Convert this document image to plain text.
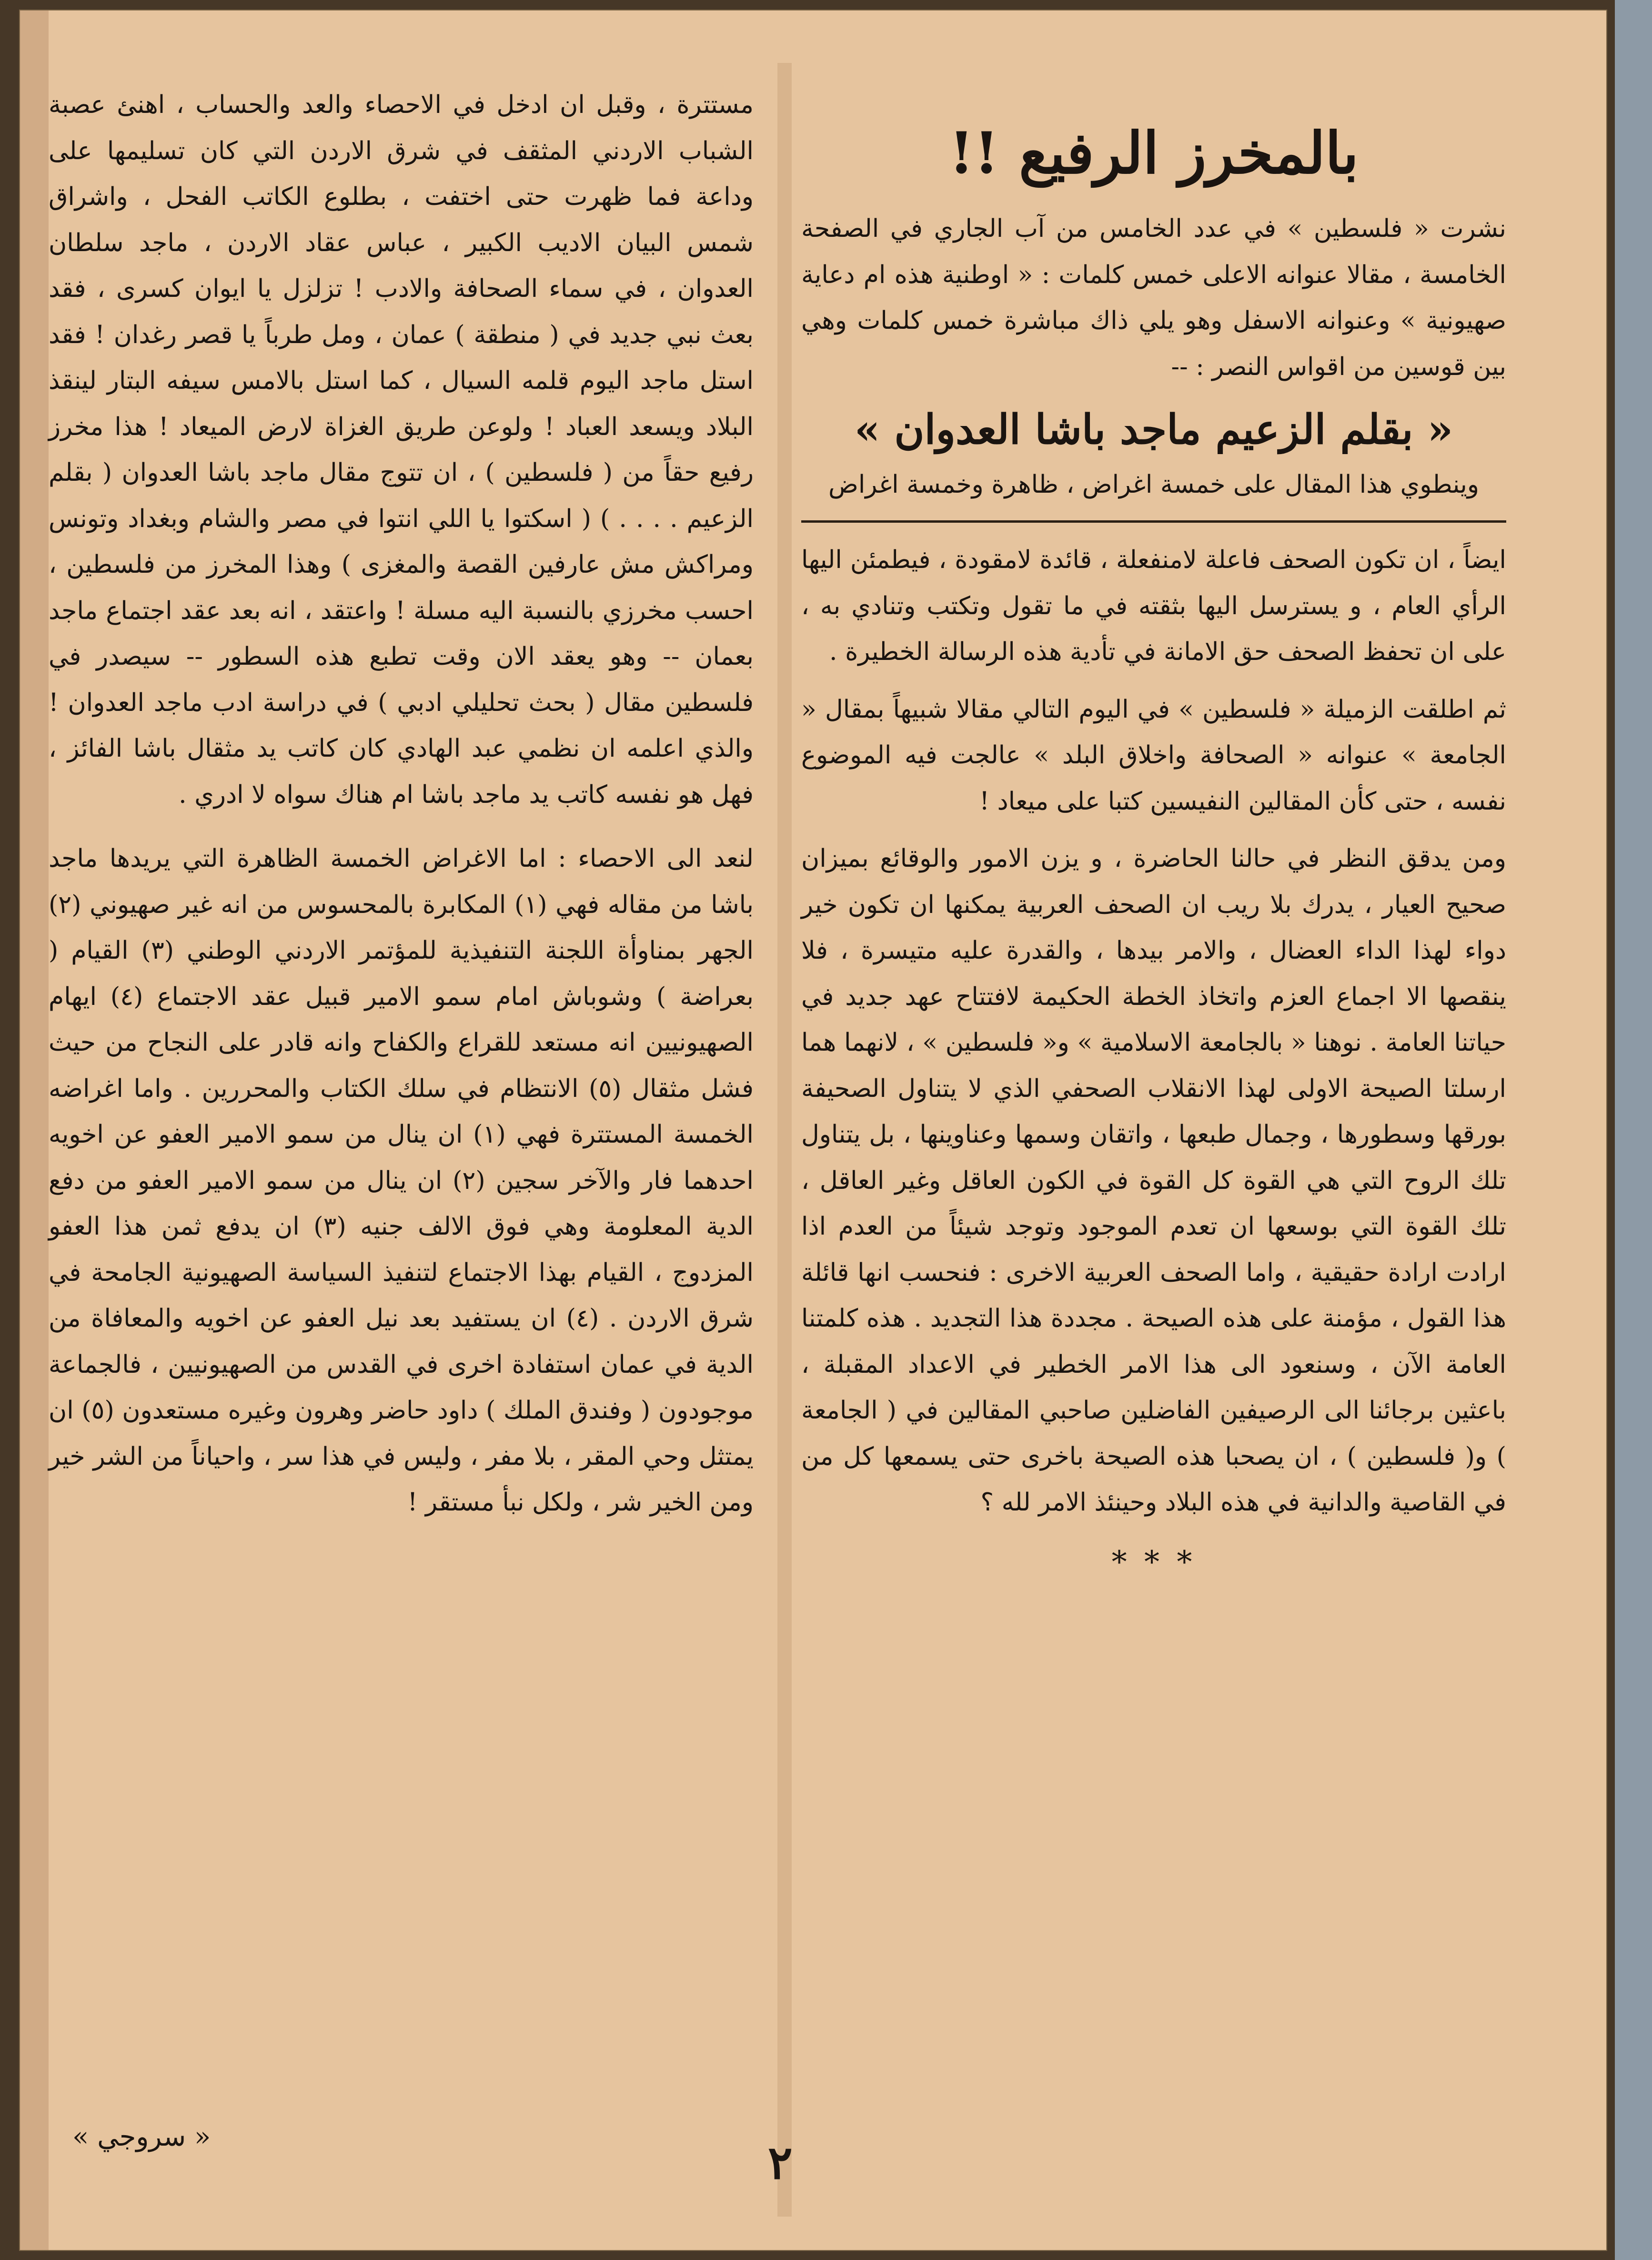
بالمخرز الرفيع !!

نشرت « فلسطين » في عدد الخامس من آب الجاري في الصفحة الخامسة ، مقالا عنوانه الاعلى خمس كلمات : « اوطنية هذه ام دعاية صهيونية » وعنوانه الاسفل وهو يلي ذاك مباشرة خمس كلمات وهي بين قوسين من اقواس النصر : --

« بقلم الزعيم ماجد باشا العدوان »
وينطوي هذا المقال على خمسة اغراض ، ظاهرة وخمسة اغراض

ايضاً ، ان تكون الصحف فاعلة لامنفعلة ، قائدة لامقودة ، فيطمئن اليها الرأي العام ، و يسترسل اليها بثقته في ما تقول وتكتب وتنادي به ، على ان تحفظ الصحف حق الامانة في تأدية هذه الرسالة الخطيرة .

ثم اطلقت الزميلة « فلسطين » في اليوم التالي مقالا شبيهاً بمقال « الجامعة » عنوانه « الصحافة واخلاق البلد » عالجت فيه الموضوع نفسه ، حتى كأن المقالين النفيسين كتبا على ميعاد !

ومن يدقق النظر في حالنا الحاضرة ، و يزن الامور والوقائع بميزان صحيح العيار ، يدرك بلا ريب ان الصحف العربية يمكنها ان تكون خير دواء لهذا الداء العضال ، والامر بيدها ، والقدرة عليه متيسرة ، فلا ينقصها الا اجماع العزم واتخاذ الخطة الحكيمة لافتتاح عهد جديد في حياتنا العامة . نوهنا « بالجامعة الاسلامية » و« فلسطين » ، لانهما هما ارسلتا الصيحة الاولى لهذا الانقلاب الصحفي الذي لا يتناول الصحيفة بورقها وسطورها ، وجمال طبعها ، واتقان وسمها وعناوينها ، بل يتناول تلك الروح التي هي القوة كل القوة في الكون العاقل وغير العاقل ، تلك القوة التي بوسعها ان تعدم الموجود وتوجد شيئاً من العدم اذا ارادت ارادة حقيقية ، واما الصحف العربية الاخرى : فنحسب انها قائلة هذا القول ، مؤمنة على هذه الصيحة . مجددة هذا التجديد . هذه كلمتنا العامة الآن ، وسنعود الى هذا الامر الخطير في الاعداد المقبلة ، باعثين برجائنا الى الرصيفين الفاضلين صاحبي المقالين في ( الجامعة ) و( فلسطين ) ، ان يصحبا هذه الصيحة باخرى حتى يسمعها كل من في القاصية والدانية في هذه البلاد وحينئذ الامر لله ؟

* * *

مستترة ، وقبل ان ادخل في الاحصاء والعد والحساب ، اهنئ عصبة الشباب الاردني المثقف في شرق الاردن التي كان تسليمها على وداعة فما ظهرت حتى اختفت ، بطلوع الكاتب الفحل ، واشراق شمس البيان الاديب الكبير ، عباس عقاد الاردن ، ماجد سلطان العدوان ، في سماء الصحافة والادب ! تزلزل يا ايوان كسرى ، فقد بعث نبي جديد في ( منطقة ) عمان ، ومل طرباً يا قصر رغدان ! فقد استل ماجد اليوم قلمه السيال ، كما استل بالامس سيفه البتار لينقذ البلاد ويسعد العباد ! ولوعن طريق الغزاة لارض الميعاد ! هذا مخرز رفيع حقاً من ( فلسطين ) ، ان تتوج مقال ماجد باشا العدوان ( بقلم الزعيم . . . . ) ( اسكتوا يا اللي انتوا في مصر والشام وبغداد وتونس ومراكش مش عارفين القصة والمغزى ) وهذا المخرز من فلسطين ، احسب مخرزي بالنسبة اليه مسلة ! واعتقد ، انه بعد عقد اجتماع ماجد بعمان -- وهو يعقد الان وقت تطبع هذه السطور -- سيصدر في فلسطين مقال ( بحث تحليلي ادبي ) في دراسة ادب ماجد العدوان ! والذي اعلمه ان نظمي عبد الهادي كان كاتب يد مثقال باشا الفائز ، فهل هو نفسه كاتب يد ماجد باشا ام هناك سواه لا ادري .

لنعد الى الاحصاء : اما الاغراض الخمسة الظاهرة التي يريدها ماجد باشا من مقاله فهي (١) المكابرة بالمحسوس من انه غير صهيوني (٢) الجهر بمناوأة اللجنة التنفيذية للمؤتمر الاردني الوطني (٣) القيام ( بعراضة ) وشوباش امام سمو الامير قبيل عقد الاجتماع (٤) ايهام الصهيونيين انه مستعد للقراع والكفاح وانه قادر على النجاح من حيث فشل مثقال (٥) الانتظام في سلك الكتاب والمحررين . واما اغراضه الخمسة المستترة فهي (١) ان ينال من سمو الامير العفو عن اخويه احدهما فار والآخر سجين (٢) ان ينال من سمو الامير العفو من دفع الدية المعلومة وهي فوق الالف جنيه (٣) ان يدفع ثمن هذا العفو المزدوج ، القيام بهذا الاجتماع لتنفيذ السياسة الصهيونية الجامحة في شرق الاردن . (٤) ان يستفيد بعد نيل العفو عن اخويه والمعافاة من الدية في عمان استفادة اخرى في القدس من الصهيونيين ، فالجماعة موجودون ( وفندق الملك ) داود حاضر وهرون وغيره مستعدون (٥) ان يمتثل وحي المقر ، بلا مفر ، وليس في هذا سر ، واحياناً من الشر خير ومن الخير شر ، ولكل نبأ مستقر !

« سروجي »	٢
